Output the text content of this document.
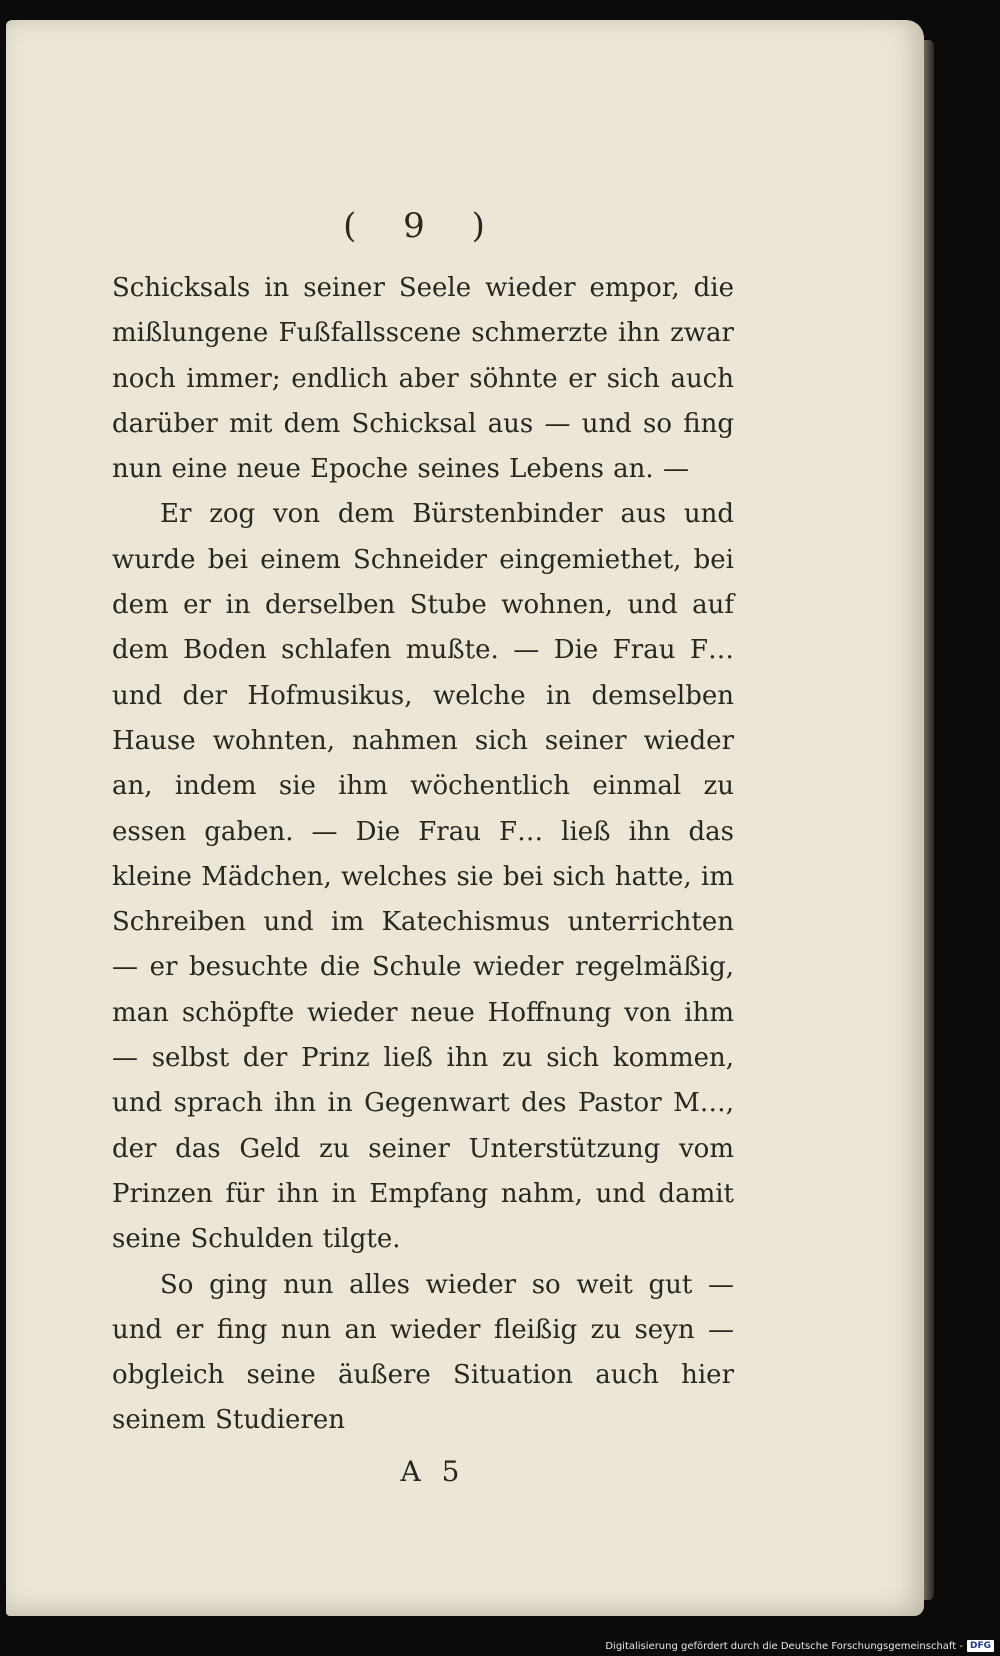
( 9 )

Schicksals in seiner Seele wieder empor, die mißlungene Fußfallsscene schmerzte ihn zwar noch immer; endlich aber söhnte er sich auch darüber mit dem Schicksal aus — und so fing nun eine neue Epoche seines Lebens an. —

Er zog von dem Bürstenbinder aus und wurde bei einem Schneider eingemiethet, bei dem er in derselben Stube wohnen, und auf dem Boden schlafen mußte. — Die Frau F… und der Hofmusikus, welche in demselben Hause wohnten, nahmen sich seiner wieder an, indem sie ihm wöchentlich einmal zu essen gaben. — Die Frau F… ließ ihn das kleine Mädchen, welches sie bei sich hatte, im Schreiben und im Katechismus unterrichten — er besuchte die Schule wieder regelmäßig, man schöpfte wieder neue Hoffnung von ihm — selbst der Prinz ließ ihn zu sich kommen, und sprach ihn in Gegenwart des Pastor M…, der das Geld zu seiner Unterstützung vom Prinzen für ihn in Empfang nahm, und damit seine Schulden tilgte.

So ging nun alles wieder so weit gut — und er fing nun an wieder fleißig zu seyn — obgleich seine äußere Situation auch hier seinem Studieren

A 5
Digitalisierung gefördert durch die Deutsche Forschungsgemeinschaft - DFG
